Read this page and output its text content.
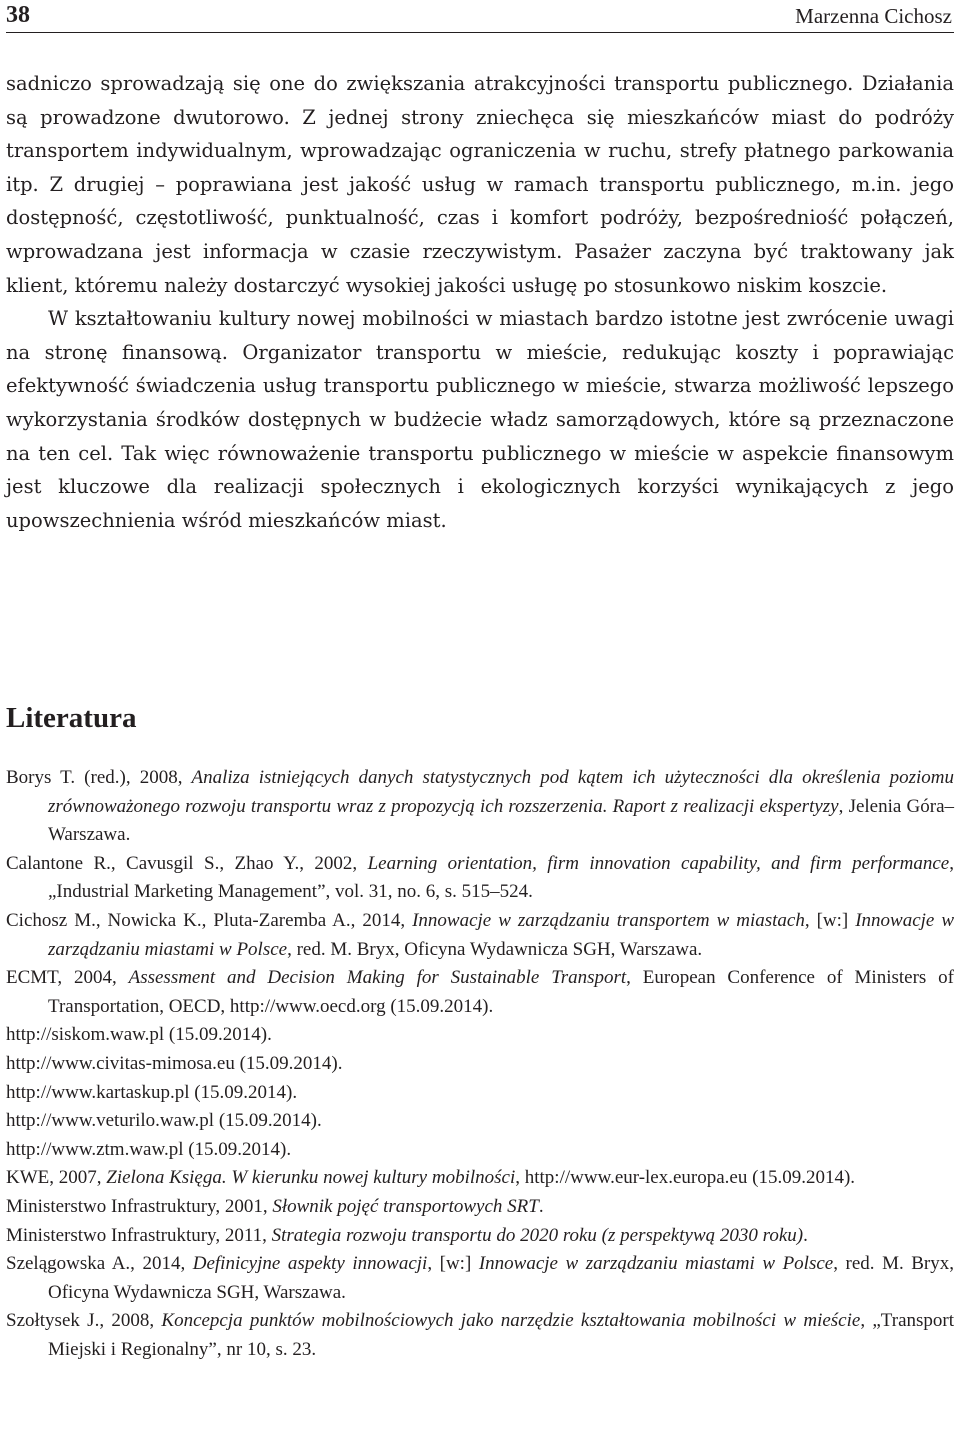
38	Marzenna Cichosz

sadniczo sprowadzają się one do zwiększania atrakcyjności transportu publicznego. Działania są prowadzone dwutorowo. Z jednej strony zniechęca się mieszkańców miast do podróży transportem indywidualnym, wprowadzając ograniczenia w ruchu, strefy płatnego parkowania itp. Z drugiej – poprawiana jest jakość usług w ramach transportu publicznego, m.in. jego dostępność, częstotliwość, punktualność, czas i komfort podróży, bezpośredniość połączeń, wprowadzana jest informacja w czasie rzeczywistym. Pasażer zaczyna być traktowany jak klient, któremu należy dostarczyć wysokiej jakości usługę po stosunkowo niskim koszcie.

W kształtowaniu kultury nowej mobilności w miastach bardzo istotne jest zwrócenie uwagi na stronę finansową. Organizator transportu w mieście, redukując koszty i poprawiając efektywność świadczenia usług transportu publicznego w mieście, stwarza możliwość lepszego wykorzystania środków dostępnych w budżecie władz samorządowych, które są przeznaczone na ten cel. Tak więc równoważenie transportu publicznego w mieście w aspekcie finansowym jest kluczowe dla realizacji społecznych i ekologicznych korzyści wynikających z jego upowszechnienia wśród mieszkańców miast.

Literatura
Borys T. (red.), 2008, Analiza istniejących danych statystycznych pod kątem ich użyteczności dla określenia poziomu zrównoważonego rozwoju transportu wraz z propozycją ich rozszerzenia. Raport z realizacji ekspertyzy, Jelenia Góra–Warszawa.
Calantone R., Cavusgil S., Zhao Y., 2002, Learning orientation, firm innovation capability, and firm performance, „Industrial Marketing Management”, vol. 31, no. 6, s. 515–524.
Cichosz M., Nowicka K., Pluta-Zaremba A., 2014, Innowacje w zarządzaniu transportem w miastach, [w:] Innowacje w zarządzaniu miastami w Polsce, red. M. Bryx, Oficyna Wydawnicza SGH, Warszawa.
ECMT, 2004, Assessment and Decision Making for Sustainable Transport, European Conference of Ministers of Transportation, OECD, http://www.oecd.org (15.09.2014).
http://siskom.waw.pl (15.09.2014).
http://www.civitas-mimosa.eu (15.09.2014).
http://www.kartaskup.pl (15.09.2014).
http://www.veturilo.waw.pl (15.09.2014).
http://www.ztm.waw.pl (15.09.2014).
KWE, 2007, Zielona Księga. W kierunku nowej kultury mobilności, http://www.eur-lex.europa.eu (15.09.2014).
Ministerstwo Infrastruktury, 2001, Słownik pojęć transportowych SRT.
Ministerstwo Infrastruktury, 2011, Strategia rozwoju transportu do 2020 roku (z perspektywą 2030 roku).
Szelągowska A., 2014, Definicyjne aspekty innowacji, [w:] Innowacje w zarządzaniu miastami w Polsce, red. M. Bryx, Oficyna Wydawnicza SGH, Warszawa.
Szołtysek J., 2008, Koncepcja punktów mobilnościowych jako narzędzie kształtowania mobilności w mieście, „Transport Miejski i Regionalny”, nr 10, s. 23.
